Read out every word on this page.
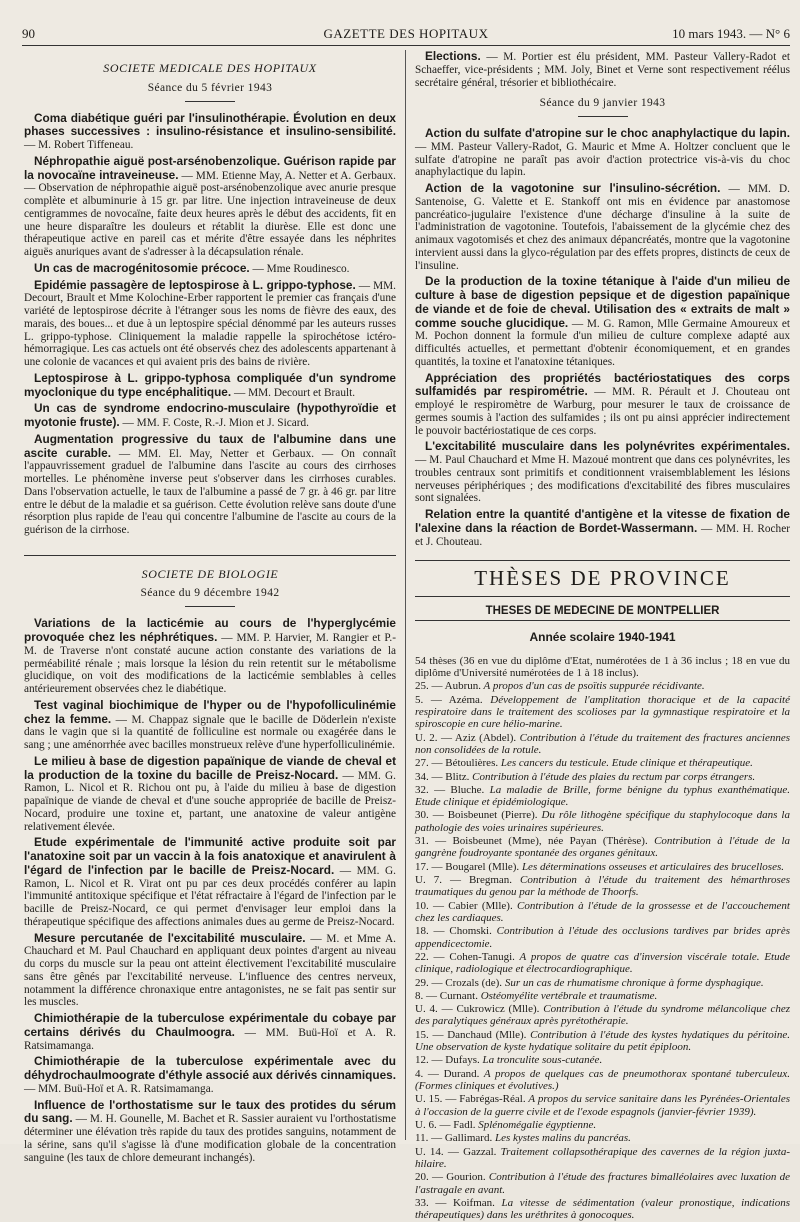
90	GAZETTE DES HOPITAUX	10 mars 1943. — N° 6
SOCIETE MEDICALE DES HOPITAUX
Séance du 5 février 1943

Coma diabétique guéri par l'insulinothérapie. Évolution en deux phases successives : insulino-résistance et insulino-sensibilité. — M. Robert Tiffeneau.

Néphropathie aiguë post-arsénobenzolique. Guérison rapide par la novocaïne intraveineuse. — MM. Etienne May, A. Netter et A. Gerbaux. — Observation de néphropathie aiguë post-arsénobenzolique avec anurie presque complète et albuminurie à 15 gr. par litre. Une injection intraveineuse de deux centigrammes de novocaïne, faite deux heures après le début des accidents, fit en une heure disparaître les douleurs et rétablit la diurèse. Elle est donc une thérapeutique active en pareil cas et mérite d'être essayée dans les néphrites aiguës anuriques avant de s'adresser à la décapsulation rénale.

Un cas de macrogénitosomie précoce. — Mme Roudinesco.

Epidémie passagère de leptospirose à L. grippo-typhose. — MM. Decourt, Brault et Mme Kolochine-Erber rapportent le premier cas français d'une variété de leptospirose décrite à l'étranger sous les noms de fièvre des eaux, des marais, des boues... et due à un leptospire spécial dénommé par les auteurs russes L. grippo-typhose. Cliniquement la maladie rappelle la spirochétose ictéro-hémorragique. Les cas actuels ont été observés chez des adolescents appartenant à une colonie de vacances et qui avaient pris des bains de rivière.

Leptospirose à L. grippo-typhosa compliquée d'un syndrome myoclonique du type encéphalitique. — MM. Decourt et Brault.

Un cas de syndrome endocrino-musculaire (hypothyroïdie et myotonie fruste). — MM. F. Coste, R.-J. Mion et J. Sicard.

Augmentation progressive du taux de l'albumine dans une ascite curable. — MM. El. May, Netter et Gerbaux. — On connaît l'appauvrissement graduel de l'albumine dans l'ascite au cours des cirrhoses mortelles. Le phénomène inverse peut s'observer dans les cirrhoses curables. Dans l'observation actuelle, le taux de l'albumine a passé de 7 gr. à 46 gr. par litre entre le début de la maladie et sa guérison. Cette évolution relève sans doute d'une résorption plus rapide de l'eau qui concentre l'albumine de l'ascite au cours de la guérison de la cirrhose.

SOCIETE DE BIOLOGIE
Séance du 9 décembre 1942

Variations de la lacticémie au cours de l'hyperglycémie provoquée chez les néphrétiques. — MM. P. Harvier, M. Rangier et P.-M. de Traverse n'ont constaté aucune action constante des variations de la perméabilité rénale ; mais lorsque la lésion du rein retentit sur le métabolisme glucidique, on voit des modifications de la lacticémie semblables à celles antérieurement observées chez le diabétique.

Test vaginal biochimique de l'hyper ou de l'hypofolliculinémie chez la femme. — M. Chappaz signale que le bacille de Döderlein n'existe dans le vagin que si la quantité de folliculine est normale ou exagérée dans le sang ; une aménorrhée avec bacilles monstrueux relève d'une hyperfolliculinémie.

Le milieu à base de digestion papaïnique de viande de cheval et la production de la toxine du bacille de Preisz-Nocard. — MM. G. Ramon, L. Nicol et R. Richou ont pu, à l'aide du milieu à base de digestion papaïnique de viande de cheval et d'une souche appropriée de bacille de Preisz-Nocard, produire une toxine et, partant, une anatoxine de valeur antigène relativement élevée.

Etude expérimentale de l'immunité active produite soit par l'anatoxine soit par un vaccin à la fois anatoxique et anavirulent à l'égard de l'infection par le bacille de Preisz-Nocard. — MM. G. Ramon, L. Nicol et R. Virat ont pu par ces deux procédés conférer au lapin l'immunité antitoxique spécifique et l'état réfractaire à l'égard de l'infection par le bacille de Preisz-Nocard, ce qui permet d'envisager leur emploi dans la thérapeutique spécifique des affections animales dues au germe de Preisz-Nocard.

Mesure percutanée de l'excitabilité musculaire. — M. et Mme A. Chauchard et M. Paul Chauchard en appliquant deux pointes d'argent au niveau du corps du muscle sur la peau ont atteint électivement l'excitabilité musculaire sans être gênés par l'excitabilité nerveuse. L'influence des centres nerveux, notamment la différence chronaxique entre antagonistes, ne se fait pas sentir sur les muscles.

Chimiothérapie de la tuberculose expérimentale du cobaye par certains dérivés du Chaulmoogra. — MM. Buü-Hoï et A. R. Ratsimamanga.

Chimiothérapie de la tuberculose expérimentale avec du déhydrochaulmoograte d'éthyle associé aux dérivés cinnamiques. — MM. Buü-Hoï et A. R. Ratsimamanga.

Influence de l'orthostatisme sur le taux des protides du sérum du sang. — M. H. Gounelle, M. Bachet et R. Sassier auraient vu l'orthostatisme déterminer une élévation très rapide du taux des protides sanguins, notamment de la sérine, sans qu'il s'agisse là d'une modification globale de la concentration sanguine (les taux de chlore demeurant inchangés).

Elections. — M. Portier est élu président, MM. Pasteur Vallery-Radot et Schaeffer, vice-présidents ; MM. Joly, Binet et Verne sont respectivement réélus secrétaire général, trésorier et bibliothécaire.

Séance du 9 janvier 1943

Action du sulfate d'atropine sur le choc anaphylactique du lapin. — MM. Pasteur Vallery-Radot, G. Mauric et Mme A. Holtzer concluent que le sulfate d'atropine ne paraît pas avoir d'action protectrice vis-à-vis du choc anaphylactique du lapin.

Action de la vagotonine sur l'insulino-sécrétion. — MM. D. Santenoise, G. Valette et E. Stankoff ont mis en évidence par anastomose pancréatico-jugulaire l'existence d'une décharge d'insuline à la suite de l'administration de vagotonine. Toutefois, l'abaissement de la glycémie chez des animaux vagotomisés et chez des animaux dépancréatés, montre que la vagotonine intervient aussi dans la glyco-régulation par des effets propres, distincts de ceux de l'insuline.

De la production de la toxine tétanique à l'aide d'un milieu de culture à base de digestion pepsique et de digestion papaïnique de viande et de foie de cheval. Utilisation des « extraits de malt » comme souche glucidique. — M. G. Ramon, Mlle Germaine Amoureux et M. Pochon donnent la formule d'un milieu de culture complexe adapté aux difficultés actuelles, et permettant d'obtenir économiquement, et en grandes quantités, la toxine et l'anatoxine tétaniques.

Appréciation des propriétés bactériostatiques des corps sulfamidés par respirométrie. — MM. R. Pérault et J. Chouteau ont employé le respiromètre de Warburg, pour mesurer le taux de croissance de germes soumis à l'action des sulfamides ; ils ont pu ainsi apprécier indirectement le pouvoir bactériostatique de ces corps.

L'excitabilité musculaire dans les polynévrites expérimentales. — M. Paul Chauchard et Mme H. Mazoué montrent que dans ces polynévrites, les troubles centraux sont primitifs et conditionnent vraisemblablement les lésions nerveuses périphériques ; des modifications d'excitabilité des fibres musculaires sont signalées.

Relation entre la quantité d'antigène et la vitesse de fixation de l'alexine dans la réaction de Bordet-Wassermann. — MM. H. Rocher et J. Chouteau.

THÈSES DE PROVINCE
THESES DE MEDECINE DE MONTPELLIER
Année scolaire 1940-1941

54 thèses (36 en vue du diplôme d'Etat, numérotées de 1 à 36 inclus ; 18 en vue du diplôme d'Université numérotées de 1 à 18 inclus).

25. — Aubrun. A propos d'un cas de psoïtis suppurée récidivante.

5. — Azéma. Développement de l'amplitation thoracique et de la capacité respiratoire dans le traitement des scolioses par la gymnastique respiratoire et la spiroscopie en cure hélio-marine.

U. 2. — Aziz (Abdel). Contribution à l'étude du traitement des fractures anciennes non consolidées de la rotule.

27. — Bétoulières. Les cancers du testicule. Etude clinique et thérapeutique.

34. — Blitz. Contribution à l'étude des plaies du rectum par corps étrangers.

32. — Bluche. La maladie de Brille, forme bénigne du typhus exanthématique. Etude clinique et épidémiologique.

30. — Boisbeunet (Pierre). Du rôle lithogène spécifique du staphylocoque dans la pathologie des voies urinaires supérieures.

31. — Boisbeunet (Mme), née Payan (Thérèse). Contribution à l'étude de la gangrène foudroyante spontanée des organes génitaux.

17. — Bougarel (Mlle). Les déterminations osseuses et articulaires des brucelloses.

U. 7. — Bregman. Contribution à l'étude du traitement des hémarthroses traumatiques du genou par la méthode de Thoorfs.

10. — Cabier (Mlle). Contribution à l'étude de la grossesse et de l'accouchement chez les cardiaques.

18. — Chomski. Contribution à l'étude des occlusions tardives par brides après appendicectomie.

22. — Cohen-Tanugi. A propos de quatre cas d'inversion viscérale totale. Etude clinique, radiologique et électrocardiographique.

29. — Crozals (de). Sur un cas de rhumatisme chronique à forme dysphagique.

8. — Curnant. Ostéomyélite vertébrale et traumatisme.

U. 4. — Cukrowicz (Mlle). Contribution à l'étude du syndrome mélancolique chez des paralytiques généraux après pyrétothérapie.

15. — Danchaud (Mlle). Contribution à l'étude des kystes hydatiques du péritoine. Une observation de kyste hydatique solitaire du petit épiploon.

12. — Dufays. La tronculite sous-cutanée.

4. — Durand. A propos de quelques cas de pneumothorax spontané tuberculeux. (Formes cliniques et évolutives.)

U. 15. — Fabrégas-Réal. A propos du service sanitaire dans les Pyrénées-Orientales à l'occasion de la guerre civile et de l'exode espagnols (janvier-février 1939).

U. 6. — Fadl. Splénomégalie égyptienne.

11. — Gallimard. Les kystes malins du pancréas.

U. 14. — Gazzal. Traitement collapsothérapique des cavernes de la région juxta-hilaire.

20. — Gourion. Contribution à l'étude des fractures bimalléolaires avec luxation de l'astragale en avant.

33. — Koifman. La vitesse de sédimentation (valeur pronostique, indications thérapeutiques) dans les uréthrites à gonocoques.
